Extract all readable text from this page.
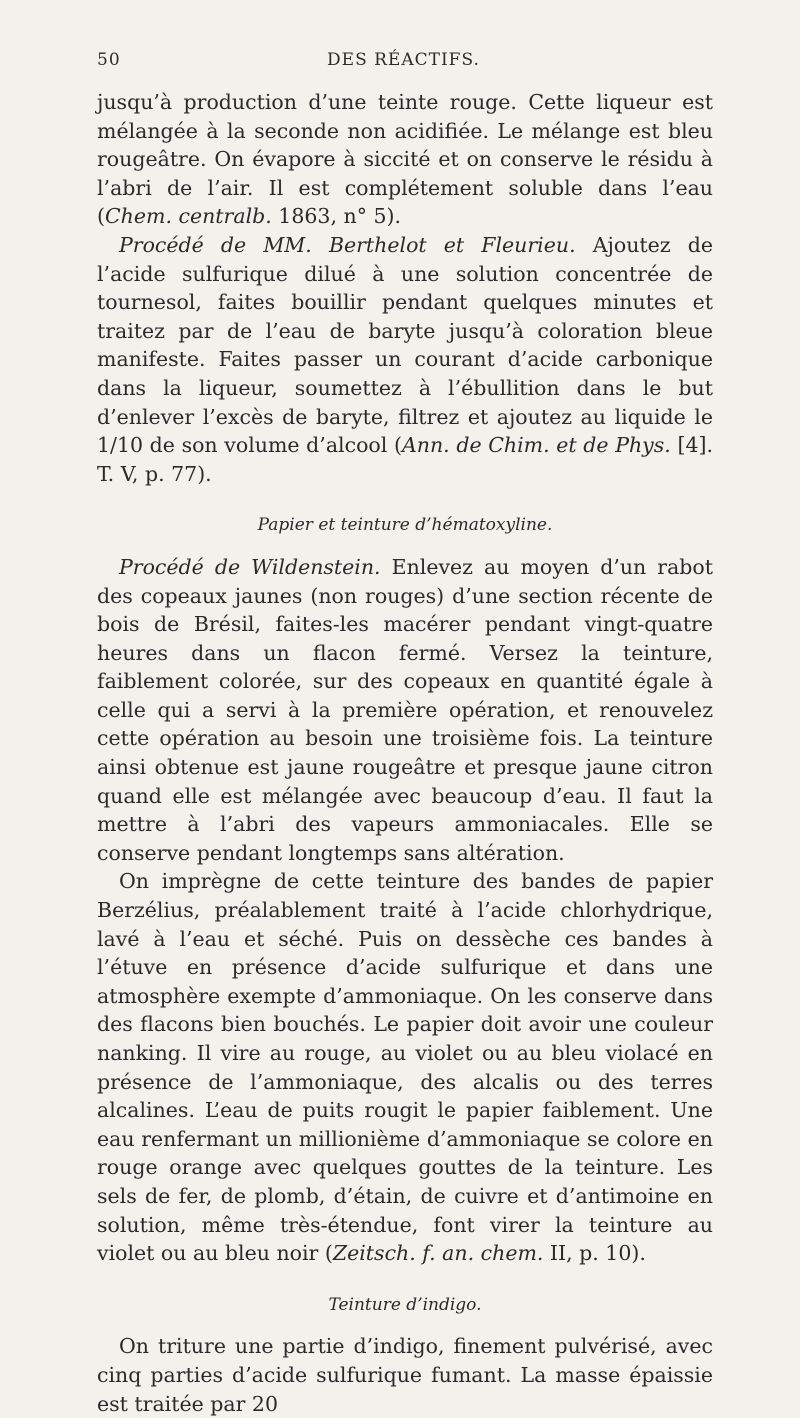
50	DES RÉACTIFS.

jusqu’à production d’une teinte rouge. Cette liqueur est mélangée à la seconde non acidifiée. Le mélange est bleu rougeâtre. On évapore à siccité et on conserve le résidu à l’abri de l’air. Il est complétement soluble dans l’eau (Chem. centralb. 1863, n° 5).

Procédé de MM. Berthelot et Fleurieu. Ajoutez de l’acide sulfurique dilué à une solution concentrée de tournesol, faites bouillir pendant quelques minutes et traitez par de l’eau de baryte jusqu’à coloration bleue manifeste. Faites passer un courant d’acide carbonique dans la liqueur, soumettez à l’ébullition dans le but d’enlever l’excès de baryte, filtrez et ajoutez au liquide le 1/10 de son volume d’alcool (Ann. de Chim. et de Phys. [4]. T. V, p. 77).

Papier et teinture d’hématoxyline.

Procédé de Wildenstein. Enlevez au moyen d’un rabot des copeaux jaunes (non rouges) d’une section récente de bois de Brésil, faites-les macérer pendant vingt-quatre heures dans un flacon fermé. Versez la teinture, faiblement colorée, sur des copeaux en quantité égale à celle qui a servi à la première opération, et renouvelez cette opération au besoin une troisième fois. La teinture ainsi obtenue est jaune rougeâtre et presque jaune citron quand elle est mélangée avec beaucoup d’eau. Il faut la mettre à l’abri des vapeurs ammoniacales. Elle se conserve pendant longtemps sans altération.

On imprègne de cette teinture des bandes de papier Berzélius, préalablement traité à l’acide chlorhydrique, lavé à l’eau et séché. Puis on dessèche ces bandes à l’étuve en présence d’acide sulfurique et dans une atmosphère exempte d’ammoniaque. On les conserve dans des flacons bien bouchés. Le papier doit avoir une couleur nanking. Il vire au rouge, au violet ou au bleu violacé en présence de l’ammoniaque, des alcalis ou des terres alcalines. L’eau de puits rougit le papier faiblement. Une eau renfermant un millionième d’ammoniaque se colore en rouge orange avec quelques gouttes de la teinture. Les sels de fer, de plomb, d’étain, de cuivre et d’antimoine en solution, même très-étendue, font virer la teinture au violet ou au bleu noir (Zeitsch. f. an. chem. II, p. 10).

Teinture d’indigo.

On triture une partie d’indigo, finement pulvérisé, avec cinq parties d’acide sulfurique fumant. La masse épaissie est traitée par 20
